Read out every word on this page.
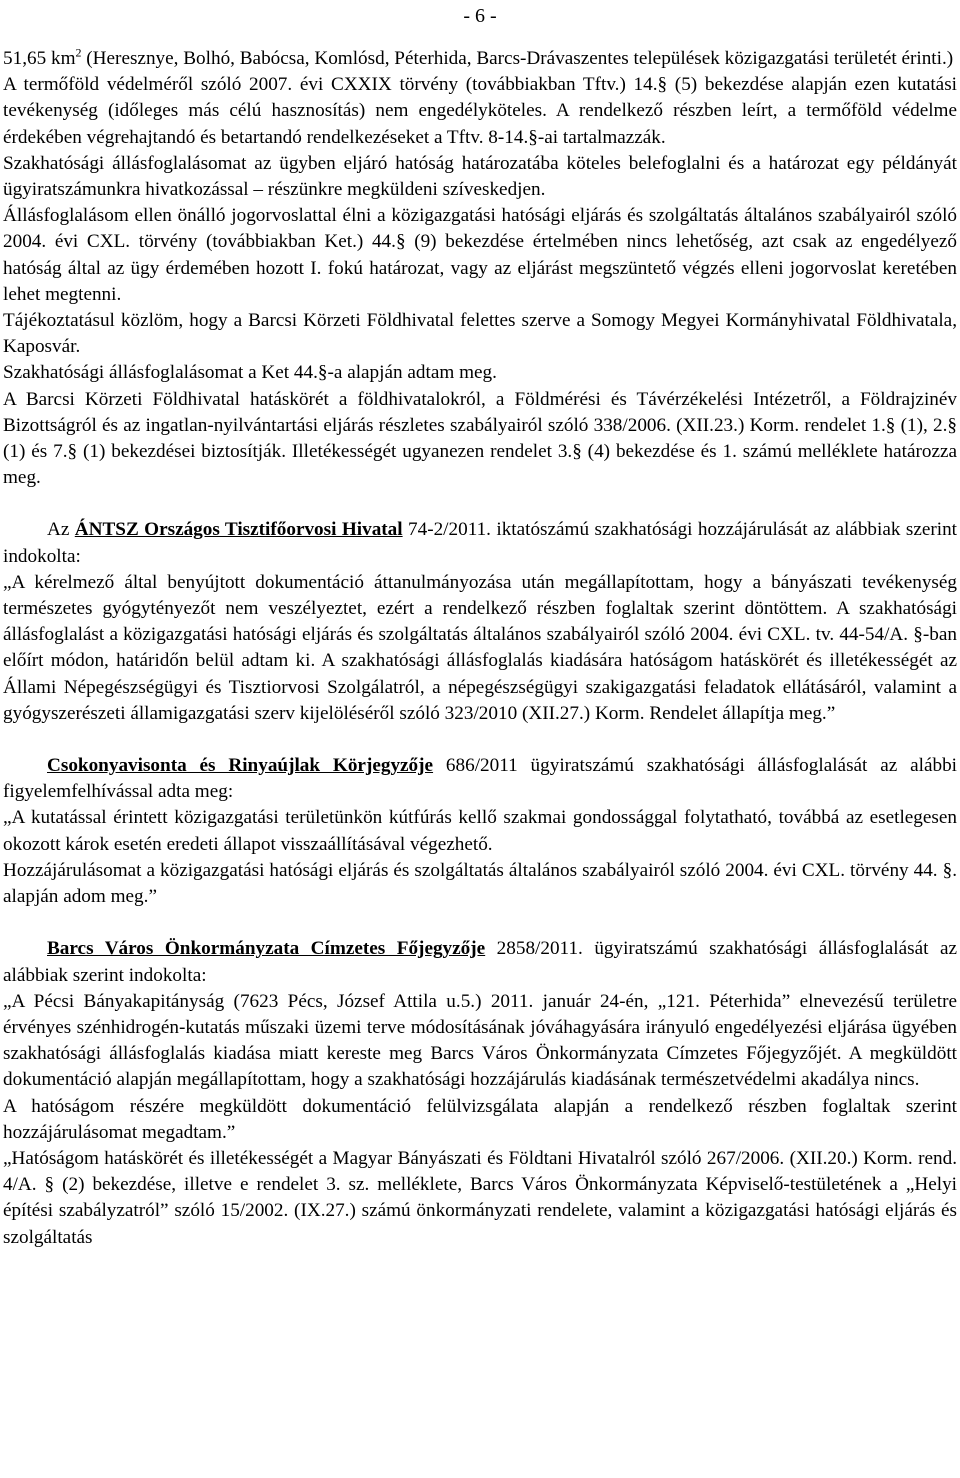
- 6 -

51,65 $km^2$ (Heresznye, Bolhó, Babócsa, Komlósd, Péterhida, Barcs-Drávaszentes települések közigazgatási területét érinti.)

A termőföld védelméről szóló 2007. évi CXXIX törvény (továbbiakban Tftv.) 14.§ (5) bekezdése alapján ezen kutatási tevékenység (időleges más célú hasznosítás) nem engedélyköteles. A rendelkező részben leírt, a termőföld védelme érdekében végrehajtandó és betartandó rendelkezéseket a Tftv. 8-14.§-ai tartalmazzák.

Szakhatósági állásfoglalásomat az ügyben eljáró hatóság határozatába köteles belefoglalni és a határozat egy példányát ügyiratszámunkra hivatkozással – részünkre megküldeni szíveskedjen.

Állásfoglalásom ellen önálló jogorvoslattal élni a közigazgatási hatósági eljárás és szolgáltatás általános szabályairól szóló 2004. évi CXL. törvény (továbbiakban Ket.) 44.§ (9) bekezdése értelmében nincs lehetőség, azt csak az engedélyező hatóság által az ügy érdemében hozott I. fokú határozat, vagy az eljárást megszüntető végzés elleni jogorvoslat keretében lehet megtenni.

Tájékoztatásul közlöm, hogy a Barcsi Körzeti Földhivatal felettes szerve a Somogy Megyei Kormányhivatal Földhivatala, Kaposvár.

Szakhatósági állásfoglalásomat a Ket 44.§-a alapján adtam meg.

A Barcsi Körzeti Földhivatal hatáskörét a földhivatalokról, a Földmérési és Távérzékelési Intézetről, a Földrajzinév Bizottságról és az ingatlan-nyilvántartási eljárás részletes szabályairól szóló 338/2006. (XII.23.) Korm. rendelet 1.§ (1), 2.§ (1) és 7.§ (1) bekezdései biztosítják. Illetékességét ugyanezen rendelet 3.§ (4) bekezdése és 1. számú melléklete határozza meg.

Az ÁNTSZ Országos Tisztifőorvosi Hivatal 74-2/2011. iktatószámú szakhatósági hozzájárulását az alábbiak szerint indokolta:

„A kérelmező által benyújtott dokumentáció áttanulmányozása után megállapítottam, hogy a bányászati tevékenység természetes gyógytényezőt nem veszélyeztet, ezért a rendelkező részben foglaltak szerint döntöttem. A szakhatósági állásfoglalást a közigazgatási hatósági eljárás és szolgáltatás általános szabályairól szóló 2004. évi CXL. tv. 44-54/A. §-ban előírt módon, határidőn belül adtam ki. A szakhatósági állásfoglalás kiadására hatóságom hatáskörét és illetékességét az Állami Népegészségügyi és Tisztiorvosi Szolgálatról, a népegészségügyi szakigazgatási feladatok ellátásáról, valamint a gyógyszerészeti államigazgatási szerv kijelöléséről szóló 323/2010 (XII.27.) Korm. Rendelet állapítja meg.”

Csokonyavisonta és Rinyaújlak Körjegyzője 686/2011 ügyiratszámú szakhatósági állásfoglalását az alábbi figyelemfelhívással adta meg:

„A kutatással érintett közigazgatási területünkön kútfúrás kellő szakmai gondossággal folytatható, továbbá az esetlegesen okozott károk esetén eredeti állapot visszaállításával végezhető.

Hozzájárulásomat a közigazgatási hatósági eljárás és szolgáltatás általános szabályairól szóló 2004. évi CXL. törvény 44. §. alapján adom meg.”

Barcs Város Önkormányzata Címzetes Főjegyzője 2858/2011. ügyiratszámú szakhatósági állásfoglalását az alábbiak szerint indokolta:

„A Pécsi Bányakapitányság (7623 Pécs, József Attila u.5.) 2011. január 24-én, „121. Péterhida” elnevezésű területre érvényes szénhidrogén-kutatás műszaki üzemi terve módosításának jóváhagyására irányuló engedélyezési eljárása ügyében szakhatósági állásfoglalás kiadása miatt kereste meg Barcs Város Önkormányzata Címzetes Főjegyzőjét. A megküldött dokumentáció alapján megállapítottam, hogy a szakhatósági hozzájárulás kiadásának természetvédelmi akadálya nincs.

A hatóságom részére megküldött dokumentáció felülvizsgálata alapján a rendelkező részben foglaltak szerint hozzájárulásomat megadtam.”

„Hatóságom hatáskörét és illetékességét a Magyar Bányászati és Földtani Hivatalról szóló 267/2006. (XII.20.) Korm. rend. 4/A. § (2) bekezdése, illetve e rendelet 3. sz. melléklete, Barcs Város Önkormányzata Képviselő-testületének a „Helyi építési szabályzatról” szóló 15/2002. (IX.27.) számú önkormányzati rendelete, valamint a közigazgatási hatósági eljárás és szolgáltatás
